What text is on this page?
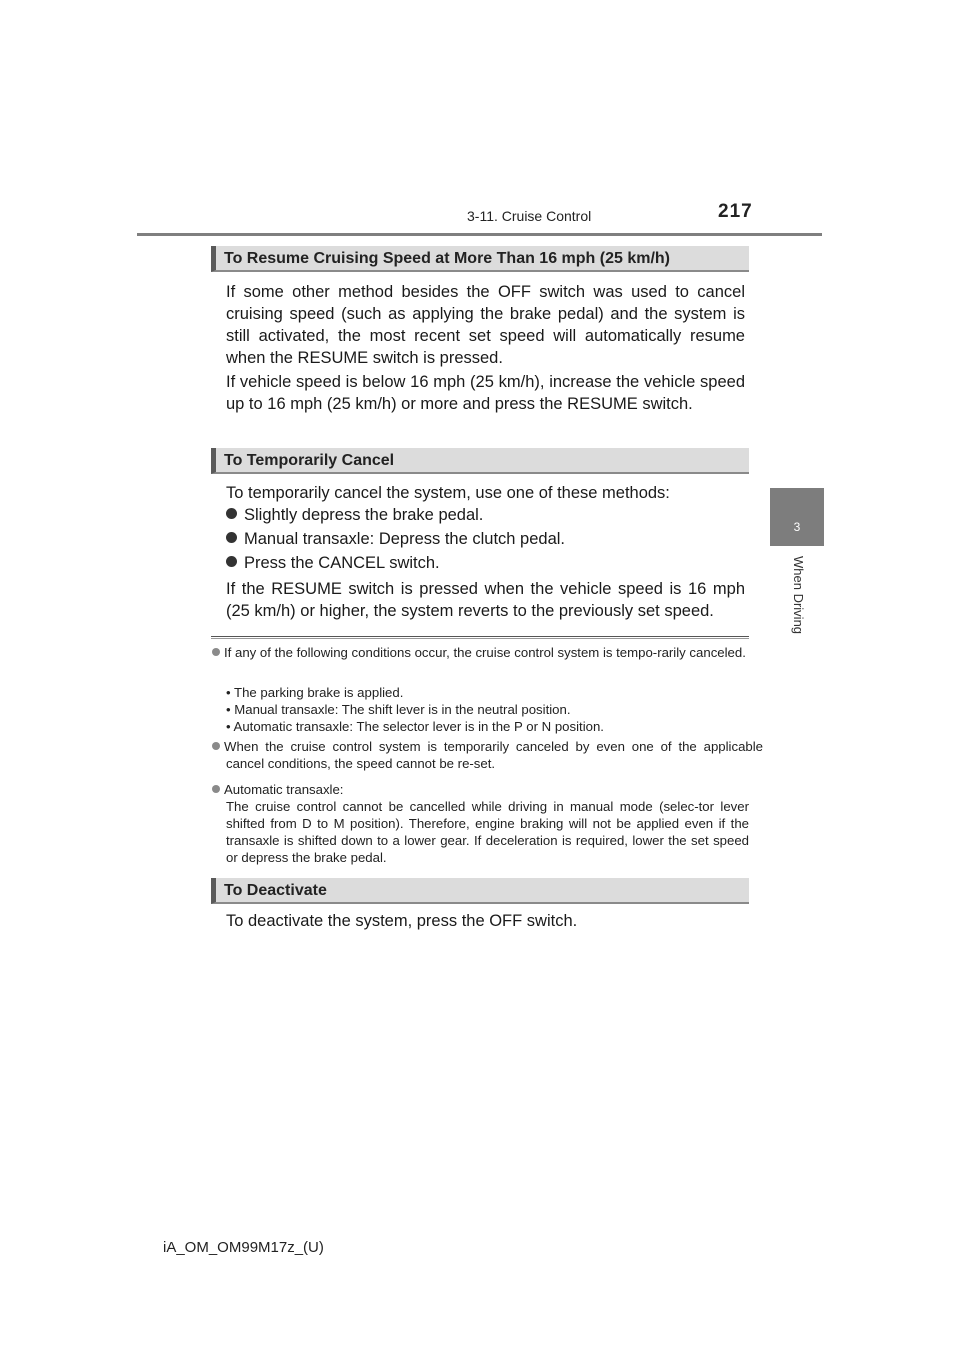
3-11. Cruise Control	217
3
When Driving
To Resume Cruising Speed at More Than 16 mph (25 km/h)

If some other method besides the OFF switch was used to cancel cruising speed (such as applying the brake pedal) and the system is still activated, the most recent set speed will automatically resume when the RESUME switch is pressed.

If vehicle speed is below 16 mph (25 km/h), increase the vehicle speed up to 16 mph (25 km/h) or more and press the RESUME switch.

To Temporarily Cancel

To temporarily cancel the system, use one of these methods:

Slightly depress the brake pedal.
Manual transaxle: Depress the clutch pedal.
Press the CANCEL switch.

If the RESUME switch is pressed when the vehicle speed is 16 mph (25 km/h) or higher, the system reverts to the previously set speed.

If any of the following conditions occur, the cruise control system is tempo-rarily canceled.

• The parking brake is applied.
• Manual transaxle: The shift lever is in the neutral position.
• Automatic transaxle: The selector lever is in the P or N position.

When the cruise control system is temporarily canceled by even one of the applicable cancel conditions, the speed cannot be re-set.

Automatic transaxle:
The cruise control cannot be cancelled while driving in manual mode (selec-tor lever shifted from D to M position). Therefore, engine braking will not be applied even if the transaxle is shifted down to a lower gear. If deceleration is required, lower the set speed or depress the brake pedal.
To Deactivate

To deactivate the system, press the OFF switch.

iA_OM_OM99M17z_(U)
